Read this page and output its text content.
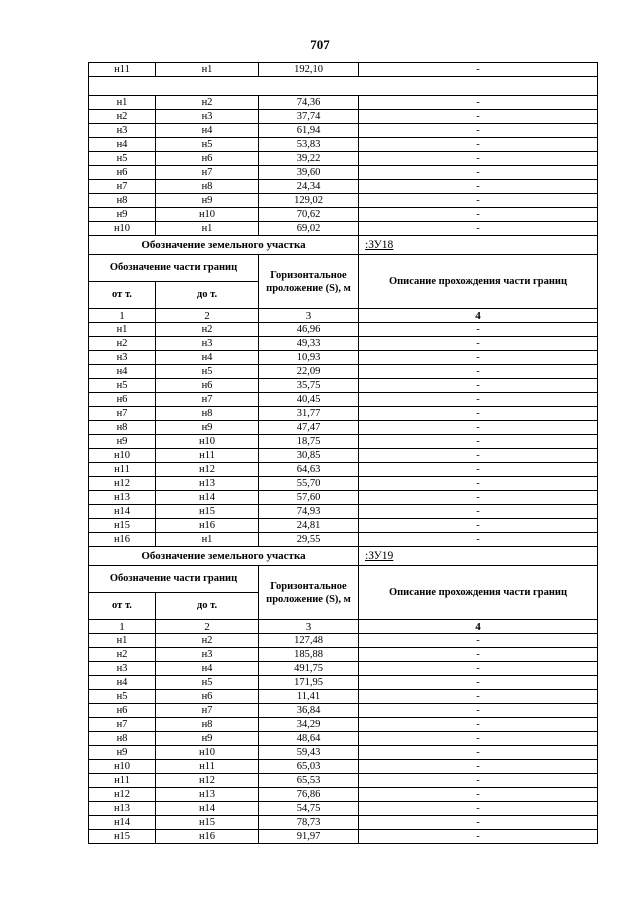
707
н11	н1	192,10	-

н1	н2	74,36	-
н2	н3	37,74	-
н3	н4	61,94	-
н4	н5	53,83	-
н5	н6	39,22	-
н6	н7	39,60	-
н7	н8	24,34	-
н8	н9	129,02	-
н9	н10	70,62	-
н10	н1	69,02	-
Обозначение земельного участка			:ЗУ18
Обозначение части границ		Горизонтальное проложение (S), м	Описание прохождения части границ
от т.	до т.		
1	2	3	4
н1	н2	46,96	-
н2	н3	49,33	-
н3	н4	10,93	-
н4	н5	22,09	-
н5	н6	35,75	-
н6	н7	40,45	-
н7	н8	31,77	-
н8	н9	47,47	-
н9	н10	18,75	-
н10	н11	30,85	-
н11	н12	64,63	-
н12	н13	55,70	-
н13	н14	57,60	-
н14	н15	74,93	-
н15	н16	24,81	-
н16	н1	29,55	-
Обозначение земельного участка			:ЗУ19
Обозначение части границ		Горизонтальное проложение (S), м	Описание прохождения части границ
от т.	до т.		
1	2	3	4
н1	н2	127,48	-
н2	н3	185,88	-
н3	н4	491,75	-
н4	н5	171,95	-
н5	н6	11,41	-
н6	н7	36,84	-
н7	н8	34,29	-
н8	н9	48,64	-
н9	н10	59,43	-
н10	н11	65,03	-
н11	н12	65,53	-
н12	н13	76,86	-
н13	н14	54,75	-
н14	н15	78,73	-
н15	н16	91,97	-
